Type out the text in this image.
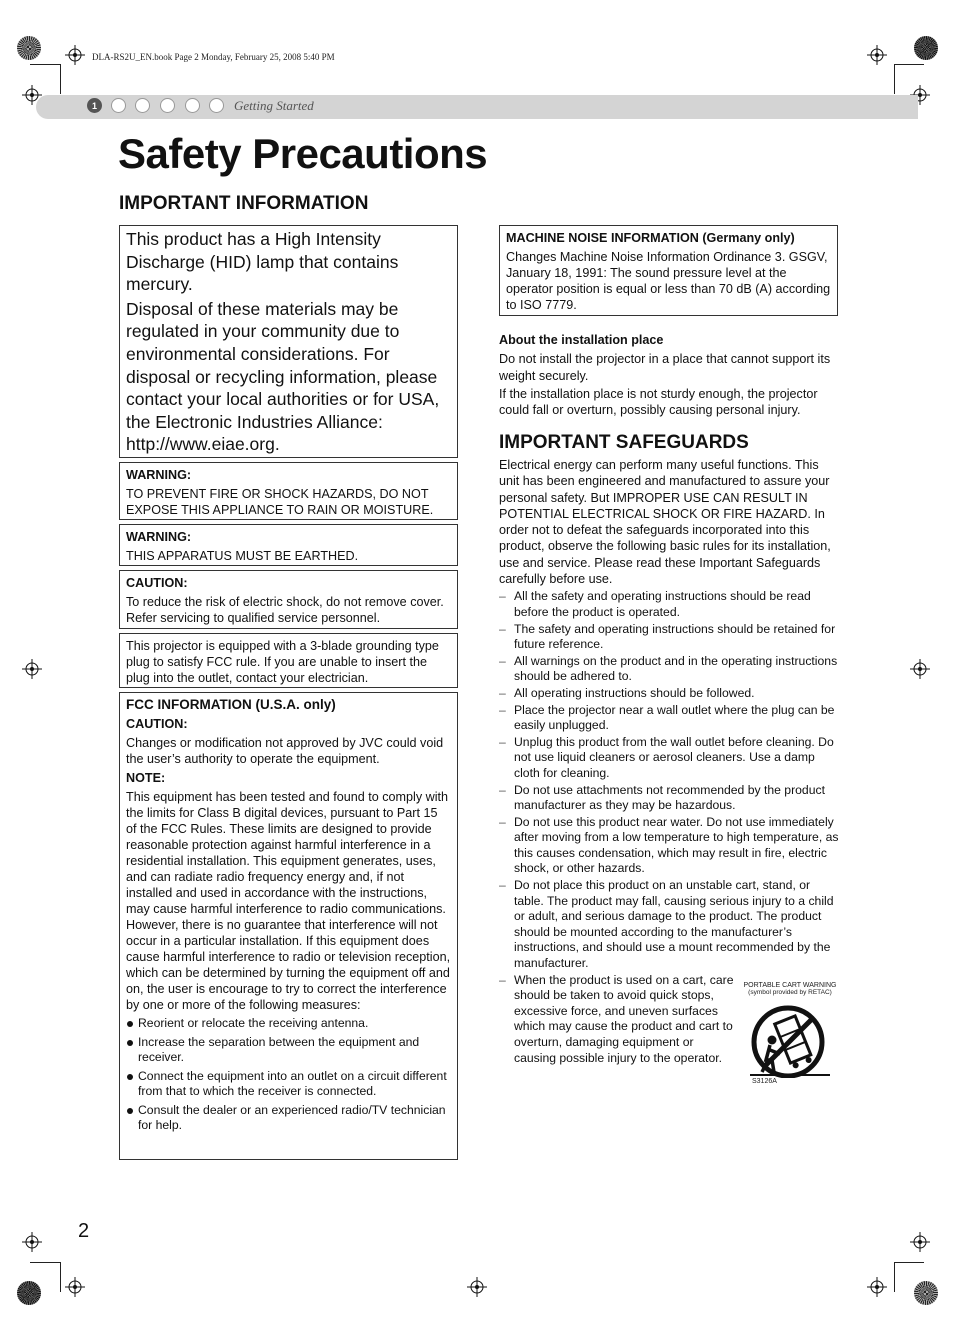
DLA-RS2U_EN.book Page 2 Monday, February 25, 2008 5:40 PM
1	Getting Started
Safety Precautions
IMPORTANT INFORMATION

This product has a High Intensity Discharge (HID) lamp that contains mercury.

Disposal of these materials may be regulated in your community due to environmental considerations. For disposal or recycling information, please contact your local authorities or for USA, the Electronic Industries Alliance: http://www.eiae.org.

WARNING:

TO PREVENT FIRE OR SHOCK HAZARDS, DO NOT EXPOSE THIS APPLIANCE TO RAIN OR MOISTURE.

WARNING:

THIS APPARATUS MUST BE EARTHED.

CAUTION:

To reduce the risk of electric shock, do not remove cover. Refer servicing to qualified service personnel.

This projector is equipped with a 3-blade grounding type plug to satisfy FCC rule. If you are unable to insert the plug into the outlet, contact your electrician.

FCC INFORMATION (U.S.A. only)
CAUTION:

Changes or modification not approved by JVC could void the user’s authority to operate the equipment.

NOTE:

This equipment has been tested and found to comply with the limits for Class B digital devices, pursuant to Part 15 of the FCC Rules. These limits are designed to provide reasonable protection against harmful interference in a residential installation. This equipment generates, uses, and can radiate radio frequency energy and, if not installed and used in accordance with the instructions, may cause harmful interference to radio communications. However, there is no guarantee that interference will not occur in a particular installation. If this equipment does cause harmful interference to radio or television reception, which can be determined by turning the equipment off and on, the user is encourage to try to correct the interference by one or more of the following measures:

Reorient or relocate the receiving antenna.
Increase the separation between the equipment and receiver.
Connect the equipment into an outlet on a circuit different from that to which the receiver is connected.
Consult the dealer or an experienced radio/TV technician for help.
MACHINE NOISE INFORMATION (Germany only)

Changes Machine Noise Information Ordinance 3. GSGV, January 18, 1991: The sound pressure level at the operator position is equal or less than 70 dB (A) according to ISO 7779.

About the installation place

Do not install the projector in a place that cannot support its weight securely.

If the installation place is not sturdy enough, the projector could fall or overturn, possibly causing personal injury.

IMPORTANT SAFEGUARDS

Electrical energy can perform many useful functions. This unit has been engineered and manufactured to assure your personal safety. But IMPROPER USE CAN RESULT IN POTENTIAL ELECTRICAL SHOCK OR FIRE HAZARD. In order not to defeat the safeguards incorporated into this product, observe the following basic rules for its installation, use and service. Please read these Important Safeguards carefully before use.

– All the safety and operating instructions should be read before the product is operated.
– The safety and operating instructions should be retained for future reference.
– All warnings on the product and in the operating instructions should be adhered to.
– All operating instructions should be followed.
– Place the projector near a wall outlet where the plug can be easily unplugged.
– Unplug this product from the wall outlet before cleaning. Do not use liquid cleaners or aerosol cleaners. Use a damp cloth for cleaning.
– Do not use attachments not recommended by the product manufacturer as they may be hazardous.
– Do not use this product near water. Do not use immediately after moving from a low temperature to high temperature, as this causes condensation, which may result in fire, electric shock, or other hazards.
– Do not place this product on an unstable cart, stand, or table. The product may fall, causing serious injury to a child or adult, and serious damage to the product. The product should be mounted according to the manufacturer’s instructions, and should use a mount recommended by the manufacturer.
– When the product is used on a cart, care should be taken to avoid quick stops, excessive force, and uneven surfaces which may cause the product and cart to overturn, damaging equipment or causing possible injury to the operator.
PORTABLE CART WARNING
(symbol provided by RETAC)
S3126A
2
